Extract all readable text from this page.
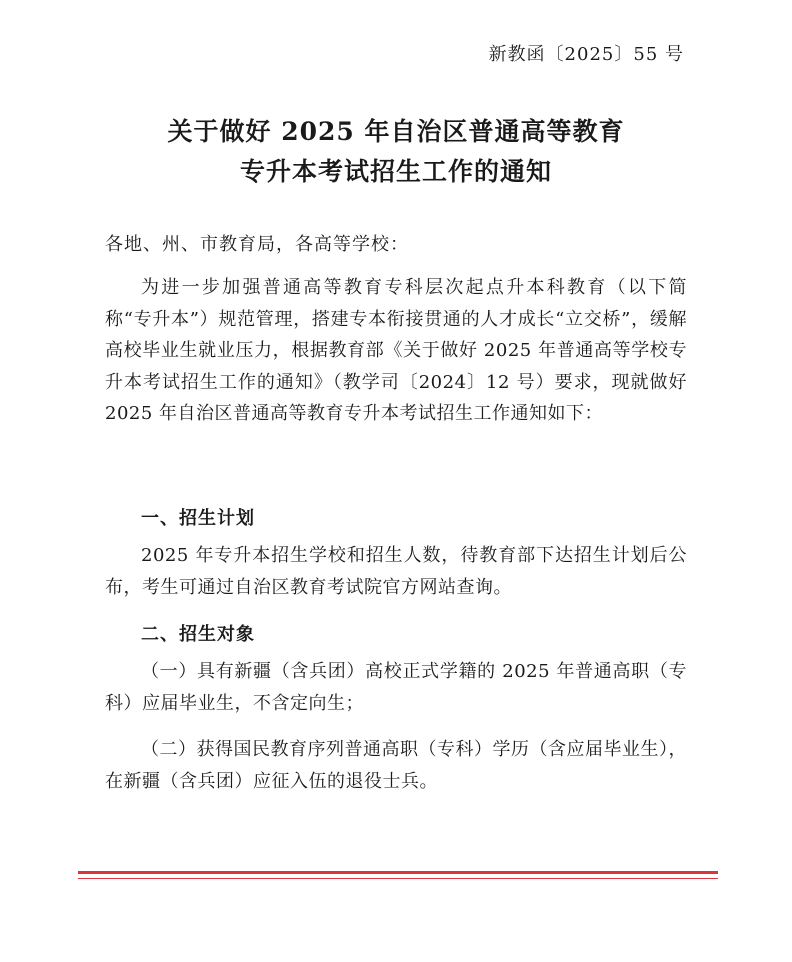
新教函〔2025〕55 号
关于做好 2025 年自治区普通高等教育
专升本考试招生工作的通知
各地、州、市教育局，各高等学校：

为进一步加强普通高等教育专科层次起点升本科教育（以下简称“专升本”）规范管理，搭建专本衔接贯通的人才成长“立交桥”，缓解高校毕业生就业压力，根据教育部《关于做好 2025 年普通高等学校专升本考试招生工作的通知》（教学司〔2024〕12 号）要求，现就做好 2025 年自治区普通高等教育专升本考试招生工作通知如下：

一、招生计划

2025 年专升本招生学校和招生人数，待教育部下达招生计划后公布，考生可通过自治区教育考试院官方网站查询。

二、招生对象

（一）具有新疆（含兵团）高校正式学籍的 2025 年普通高职（专科）应届毕业生，不含定向生；

（二）获得国民教育序列普通高职（专科）学历（含应届毕业生），在新疆（含兵团）应征入伍的退役士兵。
